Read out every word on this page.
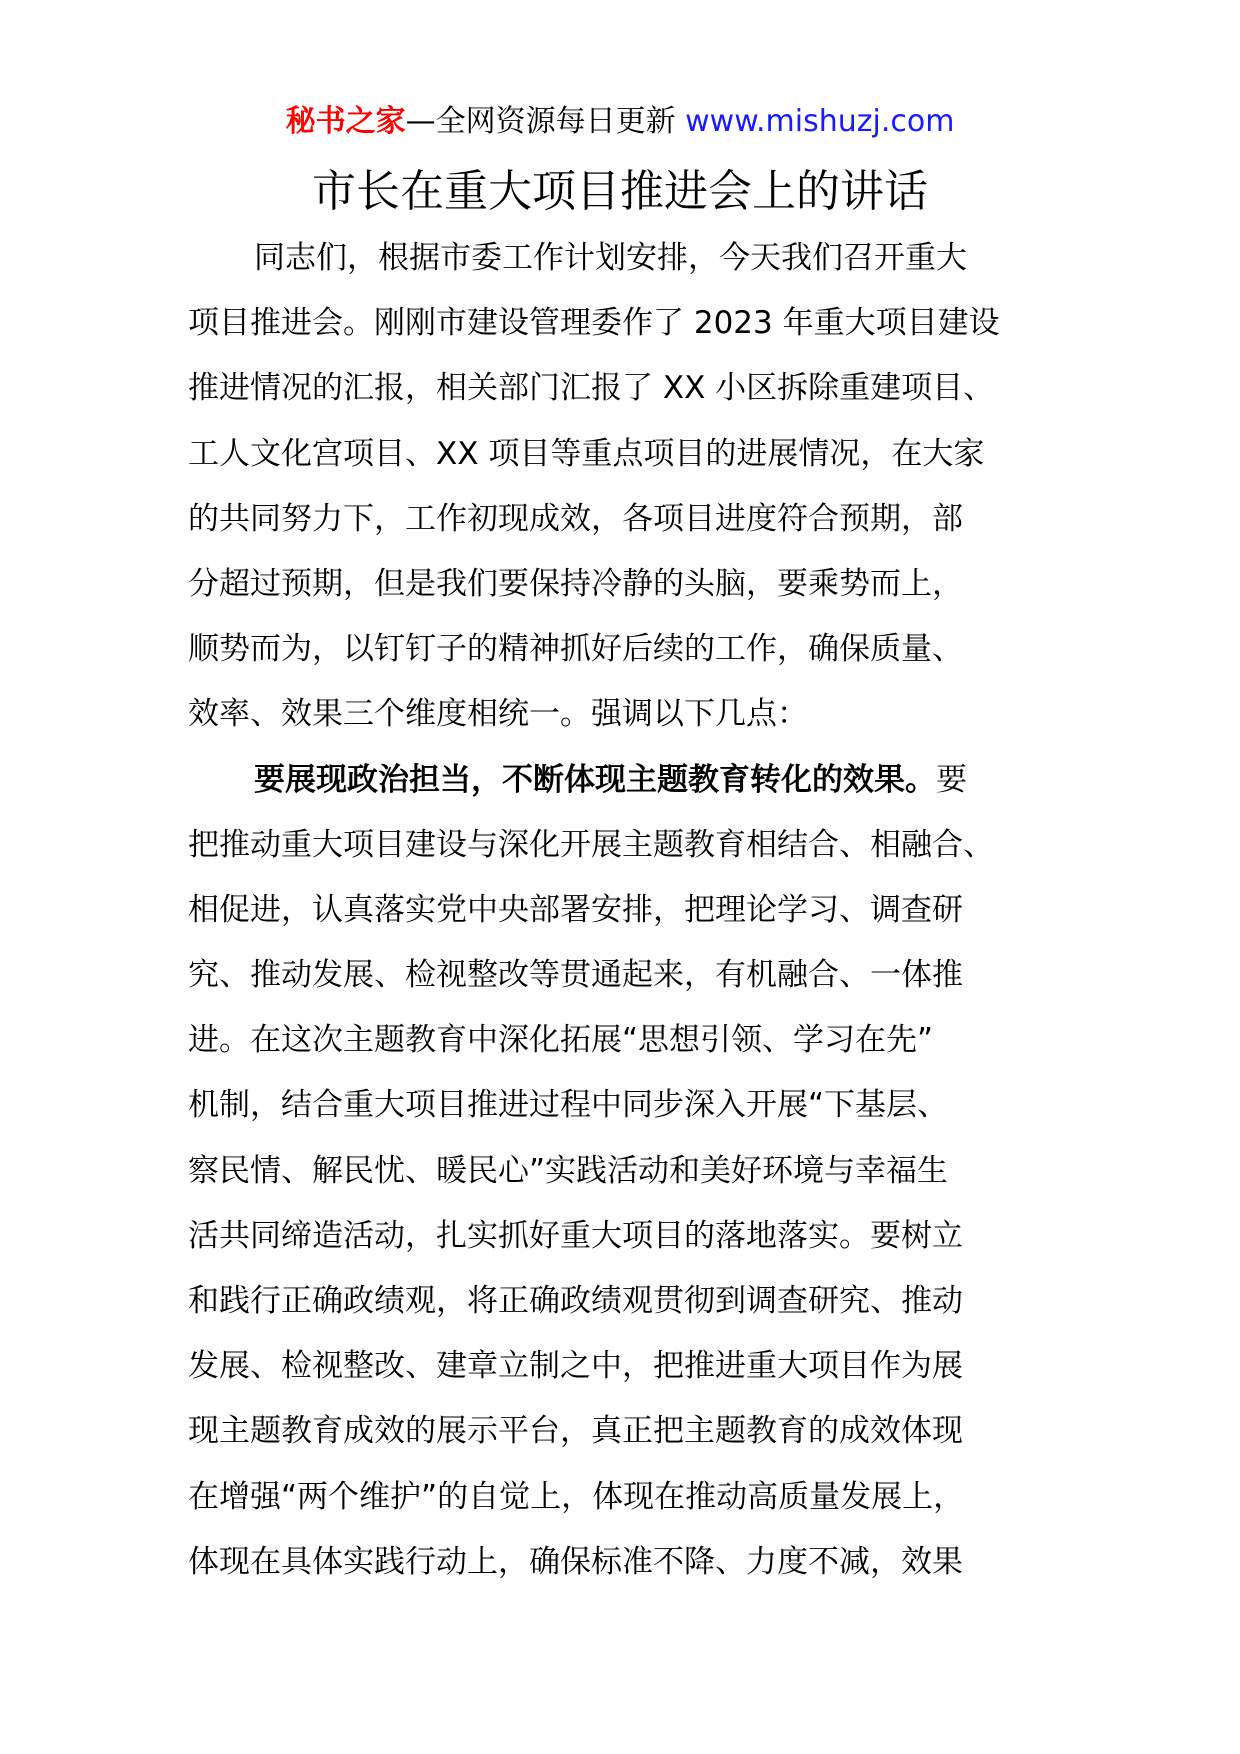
秘书之家—全网资源每日更新 www.mishuzj.com
市长在重大项目推进会上的讲话
同志们，根据市委工作计划安排，今天我们召开重大
项目推进会。刚刚市建设管理委作了 2023 年重大项目建设
推进情况的汇报，相关部门汇报了 XX 小区拆除重建项目、
工人文化宫项目、XX 项目等重点项目的进展情况，在大家
的共同努力下，工作初现成效，各项目进度符合预期，部
分超过预期，但是我们要保持冷静的头脑，要乘势而上，
顺势而为，以钉钉子的精神抓好后续的工作，确保质量、
效率、效果三个维度相统一。强调以下几点：
要展现政治担当，不断体现主题教育转化的效果。要
把推动重大项目建设与深化开展主题教育相结合、相融合、
相促进，认真落实党中央部署安排，把理论学习、调查研
究、推动发展、检视整改等贯通起来，有机融合、一体推
进。在这次主题教育中深化拓展“思想引领、学习在先”
机制，结合重大项目推进过程中同步深入开展“下基层、
察民情、解民忧、暖民心”实践活动和美好环境与幸福生
活共同缔造活动，扎实抓好重大项目的落地落实。要树立
和践行正确政绩观，将正确政绩观贯彻到调查研究、推动
发展、检视整改、建章立制之中，把推进重大项目作为展
现主题教育成效的展示平台，真正把主题教育的成效体现
在增强“两个维护”的自觉上，体现在推动高质量发展上，
体现在具体实践行动上，确保标准不降、力度不减，效果
